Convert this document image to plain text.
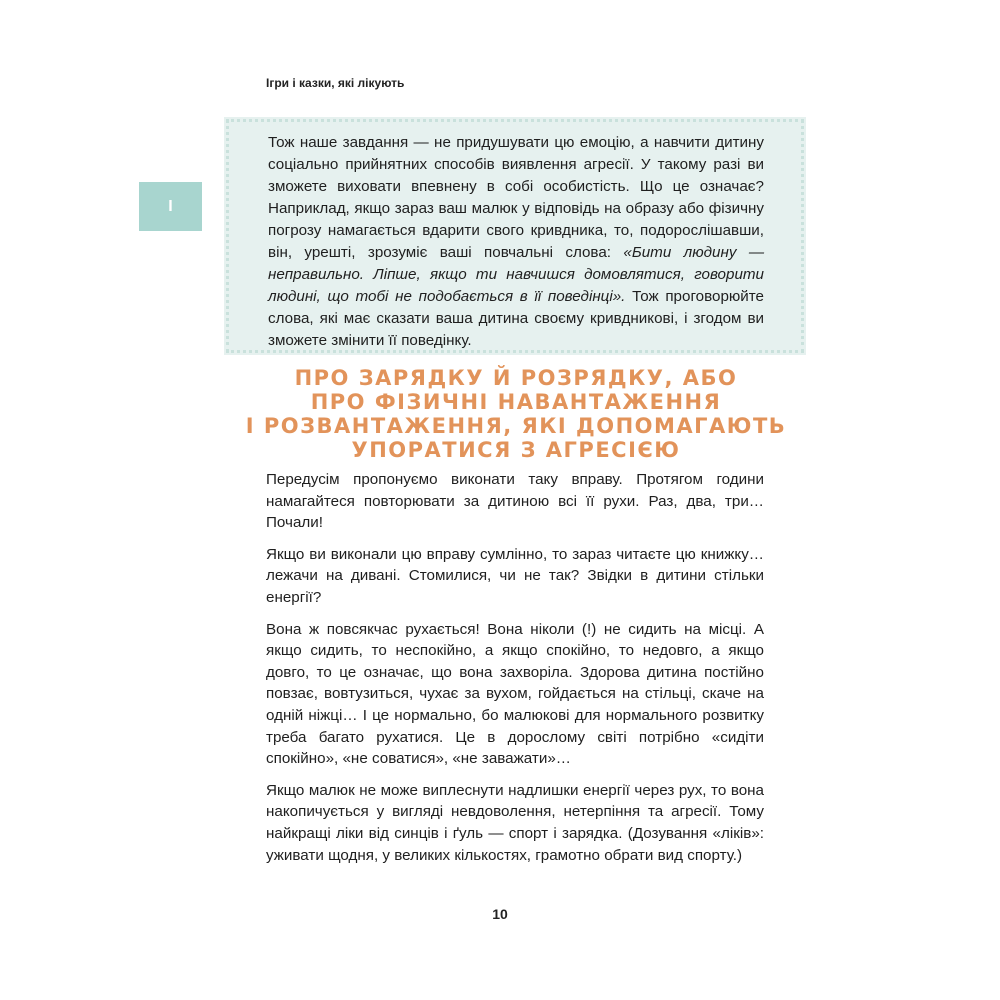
Ігри і казки, які лікують
I

Тож наше завдання — не придушувати цю емоцію, а навчити дитину соціально прийнятних способів виявлення агресії. У такому разі ви зможете виховати впевнену в собі особистість. Що це означає? Наприклад, якщо зараз ваш малюк у відповідь на образу або фізичну погрозу намагається вдарити свого кривдника, то, подорослішавши, він, урешті, зрозуміє ваші повчальні слова: «Бити людину — неправильно. Ліпше, якщо ти навчишся домовлятися, говорити людині, що тобі не подобається в її поведінці». Тож проговорюйте слова, які має сказати ваша дитина своєму кривдникові, і згодом ви зможете змінити її поведінку.

ПРО ЗАРЯДКУ Й РОЗРЯДКУ, АБО
ПРО ФІЗИЧНІ НАВАНТАЖЕННЯ
І РОЗВАНТАЖЕННЯ, ЯКІ ДОПОМАГАЮТЬ
УПОРАТИСЯ З АГРЕСІЄЮ

Передусім пропонуємо виконати таку вправу. Протягом години намагайтеся повторювати за дитиною всі її рухи. Раз, два, три… Почали!

Якщо ви виконали цю вправу сумлінно, то зараз читаєте цю книжку… лежачи на дивані. Стомилися, чи не так? Звідки в дитини стільки енергії?

Вона ж повсякчас рухається! Вона ніколи (!) не сидить на місці. А якщо сидить, то неспокійно, а якщо спокійно, то недовго, а якщо довго, то це означає, що вона захворіла. Здорова дитина постійно повзає, вовтузиться, чухає за вухом, гойдається на стільці, скаче на одній ніжці… І це нормально, бо малюкові для нормального розвитку треба багато рухатися. Це в дорослому світі потрібно «сидіти спокійно», «не соватися», «не заважати»…

Якщо малюк не може виплеснути надлишки енергії через рух, то вона накопичується у вигляді невдоволення, нетерпіння та агресії. Тому найкращі ліки від синців і ґуль — спорт і зарядка. (Дозування «ліків»: уживати щодня, у великих кількостях, грамотно обрати вид спорту.)

10
